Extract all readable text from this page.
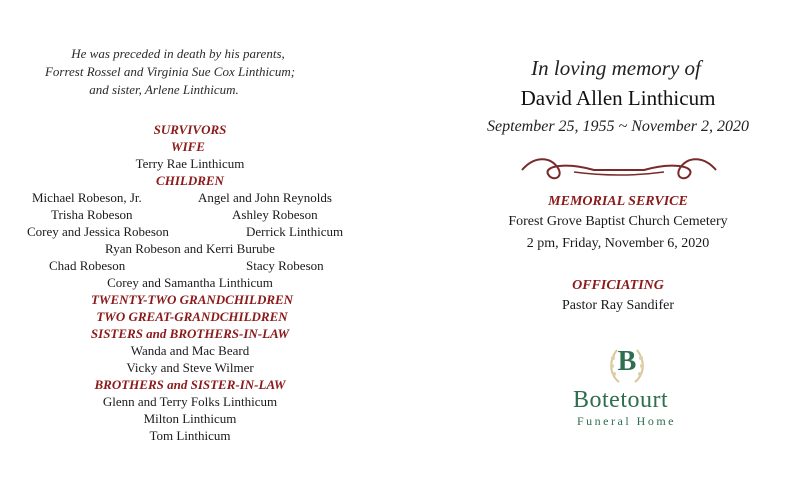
He was preceded in death by his parents,
Forrest Rossel and Virginia Sue Cox Linthicum;
and sister, Arlene Linthicum.
SURVIVORS
WIFE
Terry Rae Linthicum
CHILDREN
Michael Robeson, Jr.	Angel and John Reynolds
Trisha Robeson	Ashley Robeson
Corey and Jessica Robeson	Derrick Linthicum
Ryan Robeson and Kerri Burube
Chad Robeson	Stacy Robeson
Corey and Samantha Linthicum
TWENTY-TWO GRANDCHILDREN
TWO GREAT-GRANDCHILDREN
SISTERS and BROTHERS-IN-LAW
Wanda and Mac Beard
Vicky and Steve Wilmer
BROTHERS and SISTER-IN-LAW
Glenn and Terry Folks Linthicum
Milton Linthicum
Tom Linthicum
In loving memory of
David Allen Linthicum
September 25, 1955 ~ November 2, 2020
MEMORIAL SERVICE
Forest Grove Baptist Church Cemetery
2 pm, Friday, November 6, 2020
OFFICIATING
Pastor Ray Sandifer
B
Botetourt
Funeral Home
